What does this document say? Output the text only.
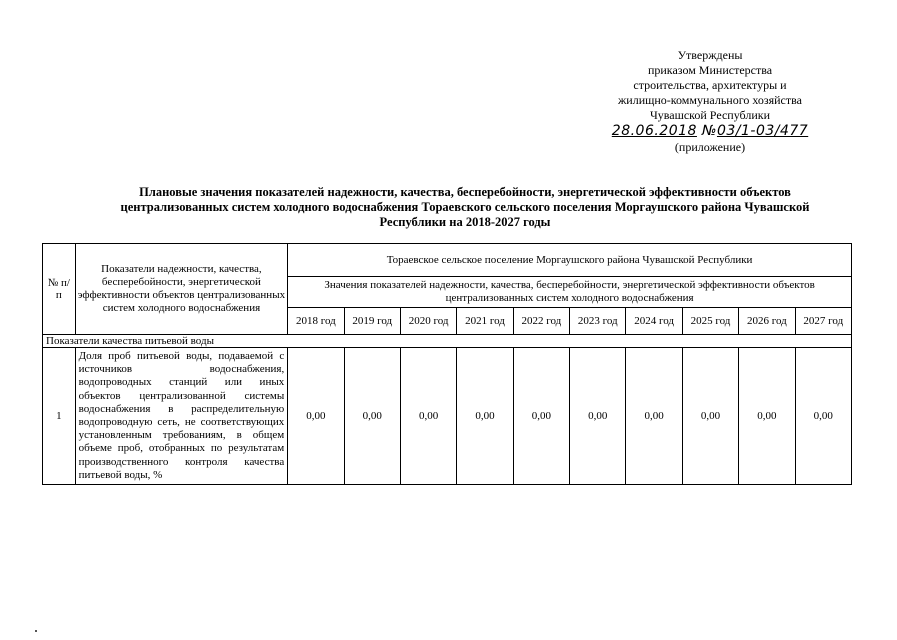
Утверждены
приказом Министерства
строительства, архитектуры и
жилищно-коммунального хозяйства
Чувашской Республики
28.06.2018 №03/1-03/477
(приложение)
Плановые значения показателей надежности, качества, бесперебойности, энергетической эффективности объектов централизованных систем холодного водоснабжения Тораевского сельского поселения Моргаушского района Чувашской Республики на 2018-2027 годы
№ п/п	Показатели надежности, качества, бесперебойности, энергетической эффективности объектов централизованных систем холодного водоснабжения	Тораевское сельское поселение Моргаушского района Чувашской Республики									
		Значения показателей надежности, качества, бесперебойности, энергетической эффективности объектов централизованных систем холодного водоснабжения									
		2018 год	2019 год	2020 год	2021 год	2022 год	2023 год	2024 год	2025 год	2026 год	2027 год
Показатели качества питьевой воды											
1	Доля проб питьевой воды, подаваемой с источников водоснабжения, водопроводных станций или иных объектов централизованной системы водоснабжения в распределительную водопроводную сеть, не соответствующих установленным требованиям, в общем объеме проб, отобранных по результатам производственного контроля качества питьевой воды, %	0,00	0,00	0,00	0,00	0,00	0,00	0,00	0,00	0,00	0,00
